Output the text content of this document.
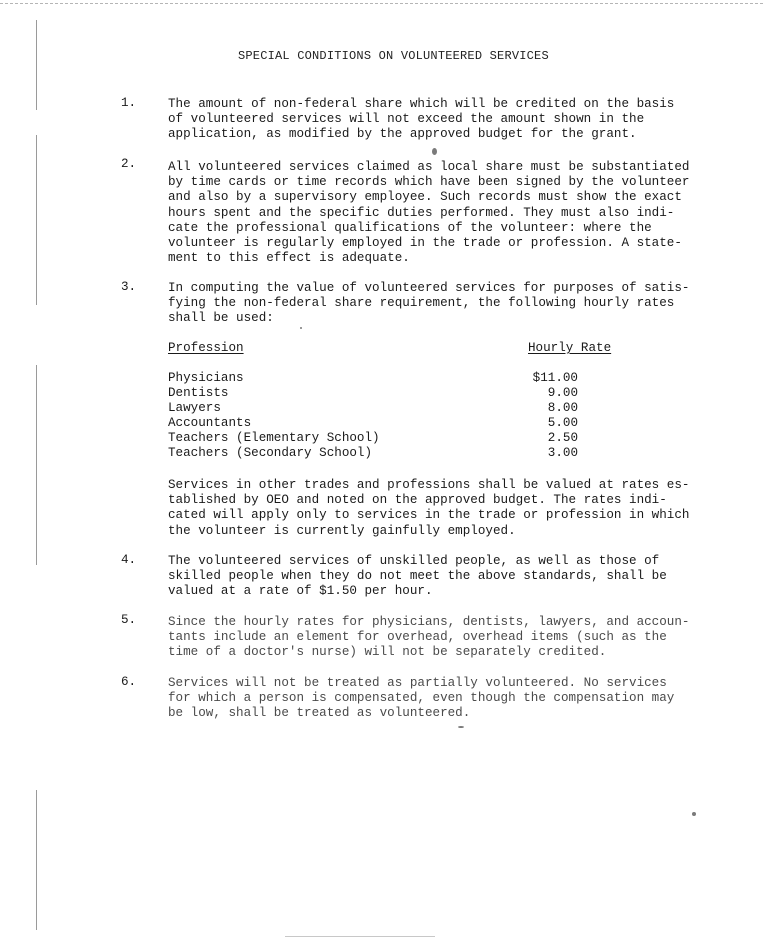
SPECIAL CONDITIONS ON VOLUNTEERED SERVICES
1.	The amount of non-federal share which will be credited on the basis
of volunteered services will not exceed the amount shown in the
application, as modified by the approved budget for the grant.
2.	All volunteered services claimed as local share must be substantiated
by time cards or time records which have been signed by the volunteer
and also by a supervisory employee. Such records must show the exact
hours spent and the specific duties performed. They must also indi-
cate the professional qualifications of the volunteer: where the
volunteer is regularly employed in the trade or profession. A state-
ment to this effect is adequate.
3.	In computing the value of volunteered services for purposes of satis-
fying the non-federal share requirement, the following hourly rates
shall be used:
Profession	Hourly Rate
Physicians	$11.00
Dentists	9.00
Lawyers	8.00
Accountants	5.00
Teachers (Elementary School)	2.50
Teachers (Secondary School)	3.00
Services in other trades and professions shall be valued at rates es-
tablished by OEO and noted on the approved budget. The rates indi-
cated will apply only to services in the trade or profession in which
the volunteer is currently gainfully employed.
4.	The volunteered services of unskilled people, as well as those of
skilled people when they do not meet the above standards, shall be
valued at a rate of $1.50 per hour.
5.	Since the hourly rates for physicians, dentists, lawyers, and accoun-
tants include an element for overhead, overhead items (such as the
time of a doctor's nurse) will not be separately credited.
6.	Services will not be treated as partially volunteered. No services
for which a person is compensated, even though the compensation may
be low, shall be treated as volunteered.
